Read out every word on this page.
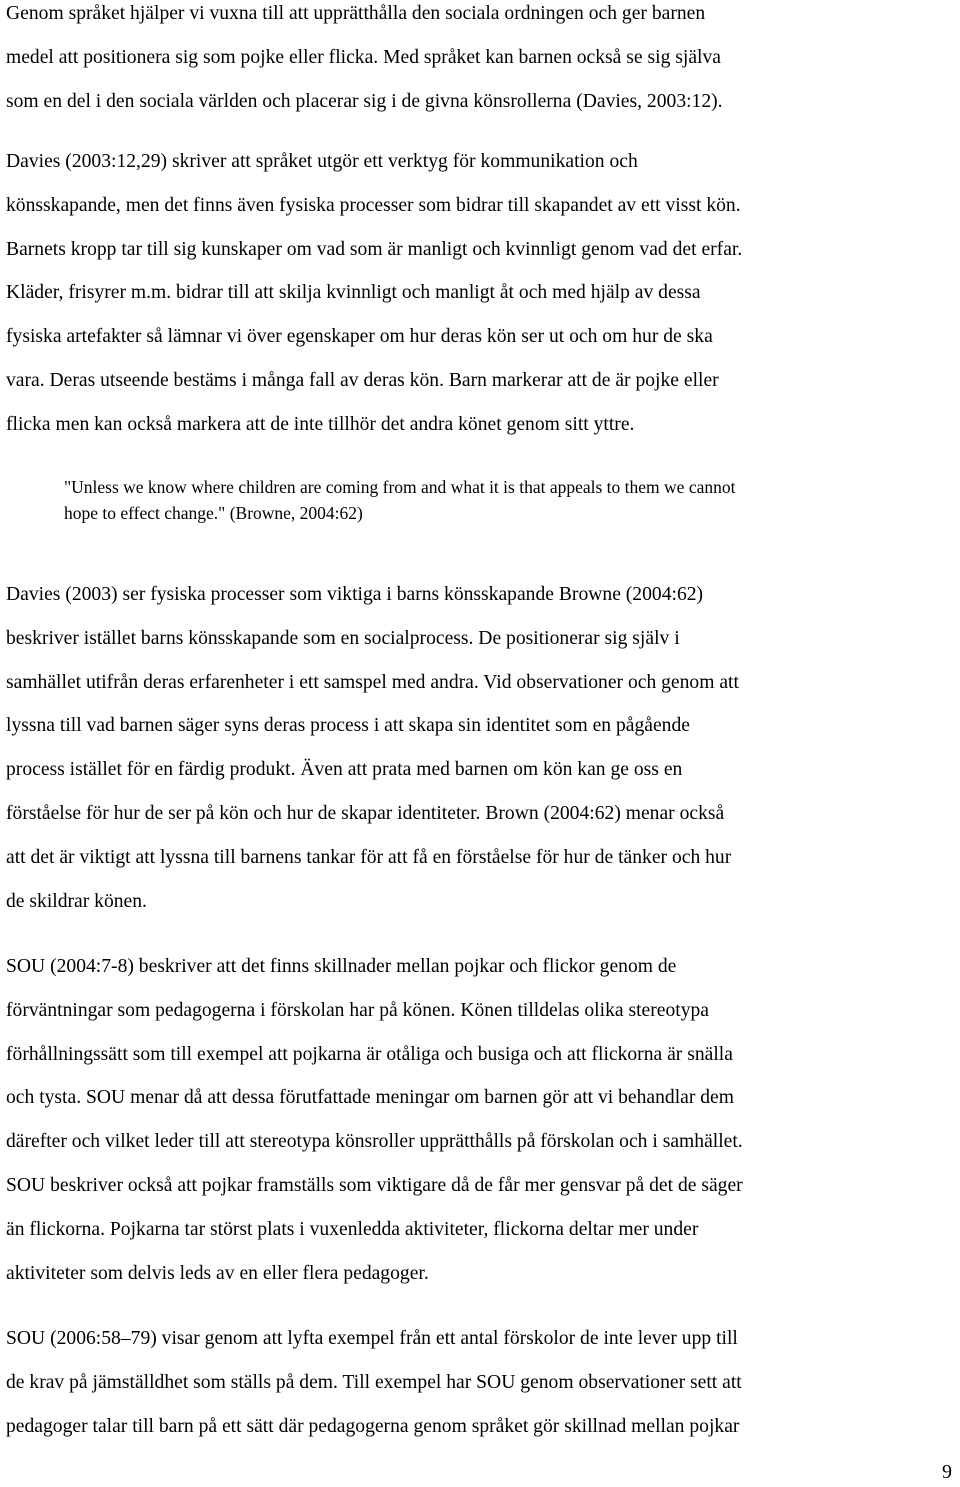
Genom språket hjälper vi vuxna till att upprätthålla den sociala ordningen och ger barnen
medel att positionera sig som pojke eller flicka. Med språket kan barnen också se sig själva
som en del i den sociala världen och placerar sig i de givna könsrollerna (Davies, 2003:12).

Davies (2003:12,29) skriver att språket utgör ett verktyg för kommunikation och
könsskapande, men det finns även fysiska processer som bidrar till skapandet av ett visst kön.
Barnets kropp tar till sig kunskaper om vad som är manligt och kvinnligt genom vad det erfar.
Kläder, frisyrer m.m. bidrar till att skilja kvinnligt och manligt åt och med hjälp av dessa
fysiska artefakter så lämnar vi över egenskaper om hur deras kön ser ut och om hur de ska
vara. Deras utseende bestäms i många fall av deras kön. Barn markerar att de är pojke eller
flicka men kan också markera att de inte tillhör det andra könet genom sitt yttre.

"Unless we know where children are coming from and what it is that appeals to them we cannot
hope to effect change." (Browne, 2004:62)

Davies (2003) ser fysiska processer som viktiga i barns könsskapande Browne (2004:62)
beskriver istället barns könsskapande som en socialprocess. De positionerar sig själv i
samhället utifrån deras erfarenheter i ett samspel med andra. Vid observationer och genom att
lyssna till vad barnen säger syns deras process i att skapa sin identitet som en pågående
process istället för en färdig produkt. Även att prata med barnen om kön kan ge oss en
förståelse för hur de ser på kön och hur de skapar identiteter. Brown (2004:62) menar också
att det är viktigt att lyssna till barnens tankar för att få en förståelse för hur de tänker och hur
de skildrar könen.

SOU (2004:7-8) beskriver att det finns skillnader mellan pojkar och flickor genom de
förväntningar som pedagogerna i förskolan har på könen. Könen tilldelas olika stereotypa
förhållningssätt som till exempel att pojkarna är otåliga och busiga och att flickorna är snälla
och tysta. SOU menar då att dessa förutfattade meningar om barnen gör att vi behandlar dem
därefter och vilket leder till att stereotypa könsroller upprätthålls på förskolan och i samhället.
SOU beskriver också att pojkar framställs som viktigare då de får mer gensvar på det de säger
än flickorna. Pojkarna tar störst plats i vuxenledda aktiviteter, flickorna deltar mer under
aktiviteter som delvis leds av en eller flera pedagoger.

SOU (2006:58–79) visar genom att lyfta exempel från ett antal förskolor de inte lever upp till
de krav på jämställdhet som ställs på dem. Till exempel har SOU genom observationer sett att
pedagoger talar till barn på ett sätt där pedagogerna genom språket gör skillnad mellan pojkar

9
